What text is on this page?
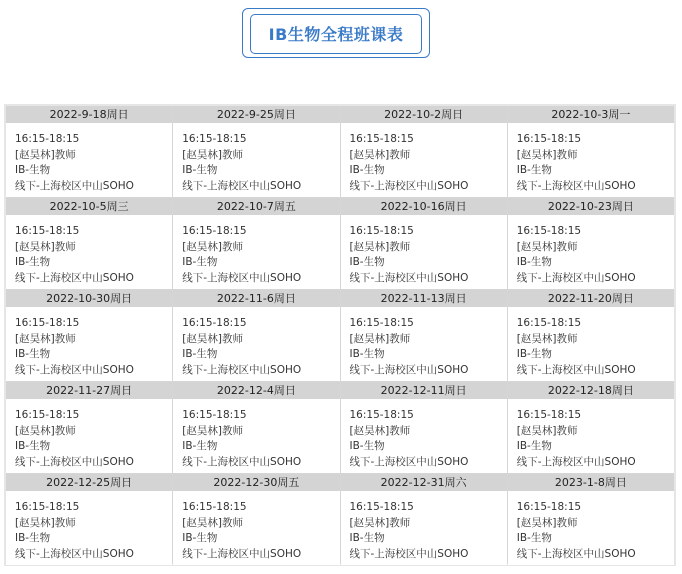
IB生物全程班课表
2022-9-18周日
16:15-18:15
[赵昊林]教师
IB-生物
线下-上海校区中山SOHO
2022-9-25周日
16:15-18:15
[赵昊林]教师
IB-生物
线下-上海校区中山SOHO
2022-10-2周日
16:15-18:15
[赵昊林]教师
IB-生物
线下-上海校区中山SOHO
2022-10-3周一
16:15-18:15
[赵昊林]教师
IB-生物
线下-上海校区中山SOHO
2022-10-5周三
16:15-18:15
[赵昊林]教师
IB-生物
线下-上海校区中山SOHO
2022-10-7周五
16:15-18:15
[赵昊林]教师
IB-生物
线下-上海校区中山SOHO
2022-10-16周日
16:15-18:15
[赵昊林]教师
IB-生物
线下-上海校区中山SOHO
2022-10-23周日
16:15-18:15
[赵昊林]教师
IB-生物
线下-上海校区中山SOHO
2022-10-30周日
16:15-18:15
[赵昊林]教师
IB-生物
线下-上海校区中山SOHO
2022-11-6周日
16:15-18:15
[赵昊林]教师
IB-生物
线下-上海校区中山SOHO
2022-11-13周日
16:15-18:15
[赵昊林]教师
IB-生物
线下-上海校区中山SOHO
2022-11-20周日
16:15-18:15
[赵昊林]教师
IB-生物
线下-上海校区中山SOHO
2022-11-27周日
16:15-18:15
[赵昊林]教师
IB-生物
线下-上海校区中山SOHO
2022-12-4周日
16:15-18:15
[赵昊林]教师
IB-生物
线下-上海校区中山SOHO
2022-12-11周日
16:15-18:15
[赵昊林]教师
IB-生物
线下-上海校区中山SOHO
2022-12-18周日
16:15-18:15
[赵昊林]教师
IB-生物
线下-上海校区中山SOHO
2022-12-25周日
16:15-18:15
[赵昊林]教师
IB-生物
线下-上海校区中山SOHO
2022-12-30周五
16:15-18:15
[赵昊林]教师
IB-生物
线下-上海校区中山SOHO
2022-12-31周六
16:15-18:15
[赵昊林]教师
IB-生物
线下-上海校区中山SOHO
2023-1-8周日
16:15-18:15
[赵昊林]教师
IB-生物
线下-上海校区中山SOHO
